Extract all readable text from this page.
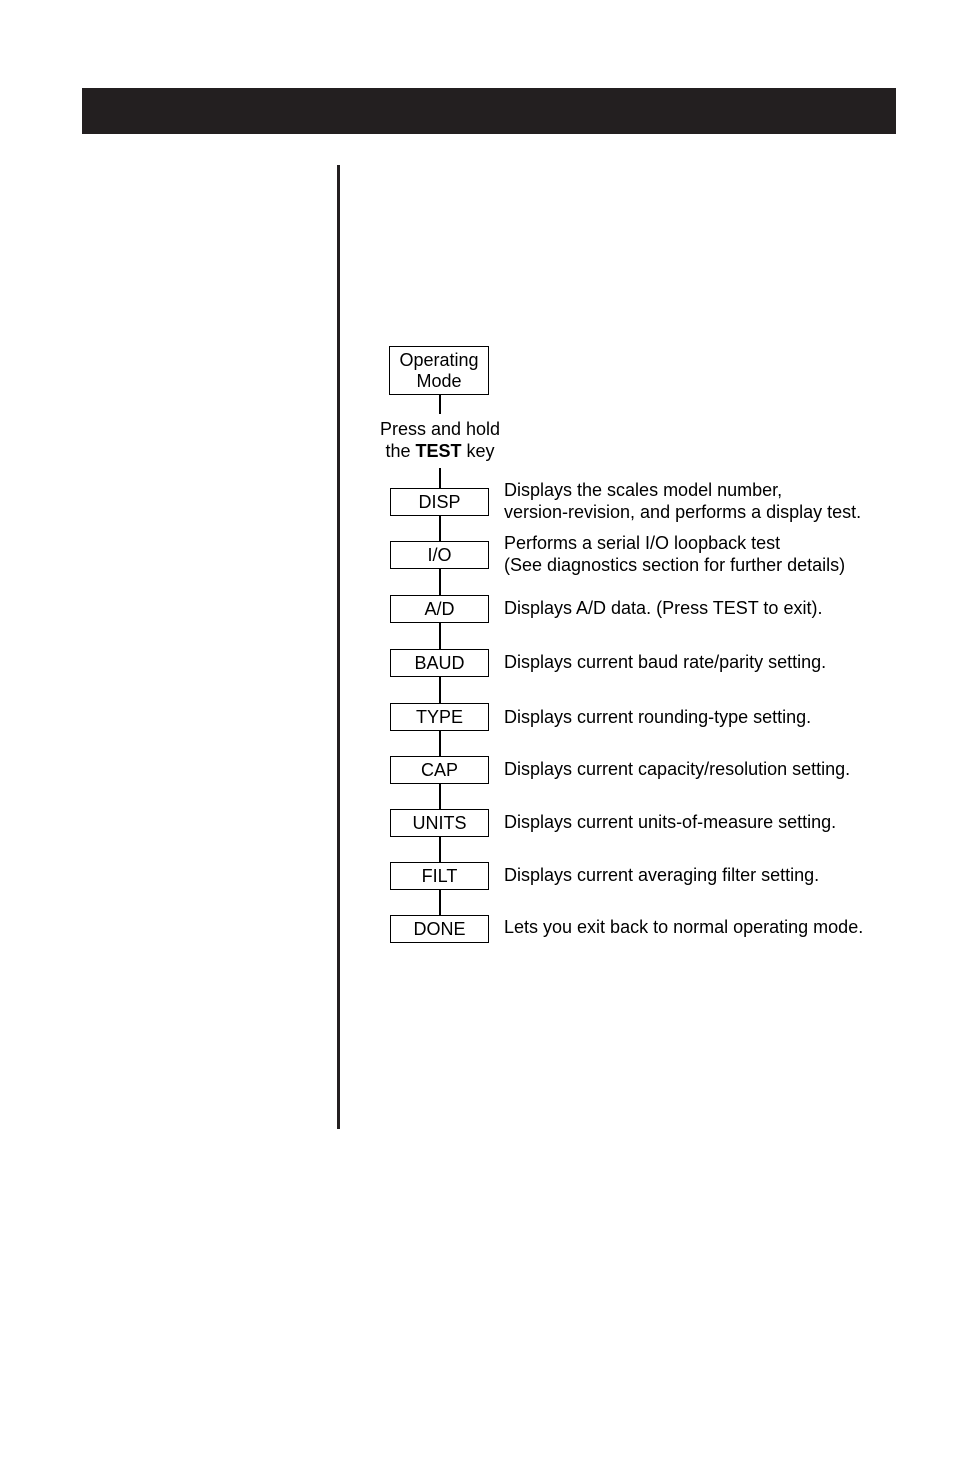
Operating
Mode
Press and hold
the TEST key
DISP
I/O
A/D
BAUD
TYPE
CAP
UNITS
FILT
DONE
Displays the scales model number,
version-revision, and performs a display test.
Performs a serial I/O loopback test
(See diagnostics section for further details)
Displays A/D data. (Press TEST to exit).
Displays current baud rate/parity setting.
Displays current rounding-type setting.
Displays current capacity/resolution setting.
Displays current units-of-measure setting.
Displays current averaging filter setting.
Lets you exit back to normal operating mode.
